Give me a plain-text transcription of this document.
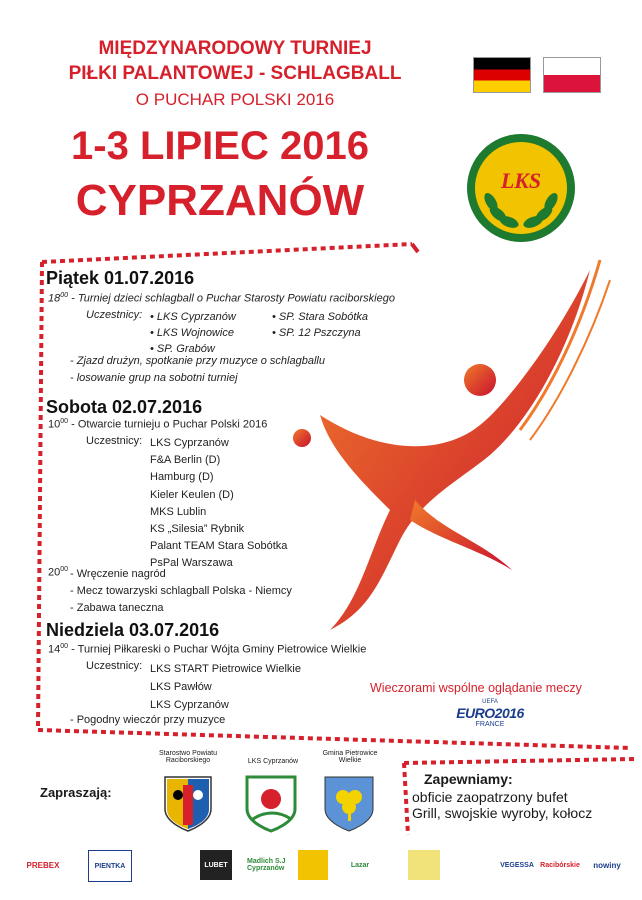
MIĘDZYNARODOWY TURNIEJ
PIŁKI PALANTOWEJ - SCHLAGBALL
O PUCHAR POLSKI 2016
1-3 LIPIEC 2016
CYPRZANÓW	LKS
Piątek 01.07.2016
$18^{00}$ - Turniej dzieci schlagball o Puchar Starosty Powiatu raciborskiego
Uczestnicy: • LKS Cyprzanów
• LKS Wojnowice
• SP. Grabów
• SP. Stara Sobótka
• SP. 12 Pszczyna
- Zjazd drużyn, spotkanie przy muzyce o schlagballu
- losowanie grup na sobotni turniej
Sobota 02.07.2016
$10^{00}$ - Otwarcie turnieju o Puchar Polski 2016
Uczestnicy: LKS Cyprzanów
F&A Berlin (D)
Hamburg (D)
Kieler Keulen (D)
MKS Lublin
KS „Silesia” Rybnik
Palant TEAM Stara Sobótka
PsPal Warszawa
$20^{00}$ - Wręczenie nagród
- Mecz towarzyski schlagball Polska - Niemcy
- Zabawa taneczna
Niedziela 03.07.2016
$14^{00}$ - Turniej Piłkareski o Puchar Wójta Gminy Pietrowice Wielkie
Uczestnicy: LKS START Pietrowice Wielkie
LKS Pawłów
LKS Cyprzanów
- Pogodny wieczór przy muzyce
Wieczorami wspólne oglądanie meczy
UEFA
EURO2016
FRANCE
Zapraszają:
Starostwo Powiatu Raciborskiego	LKS Cyprzanów
Gmina Pietrowice Wielkie
Zapewniamy:
obficie zaopatrzony bufet
Grill, swojskie wyroby, kołocz
PREBEX	PIENTKA	LUBET	Madlich S.J Cyprzanów	Lazar	VEGESSA Racibórskie	nowiny
